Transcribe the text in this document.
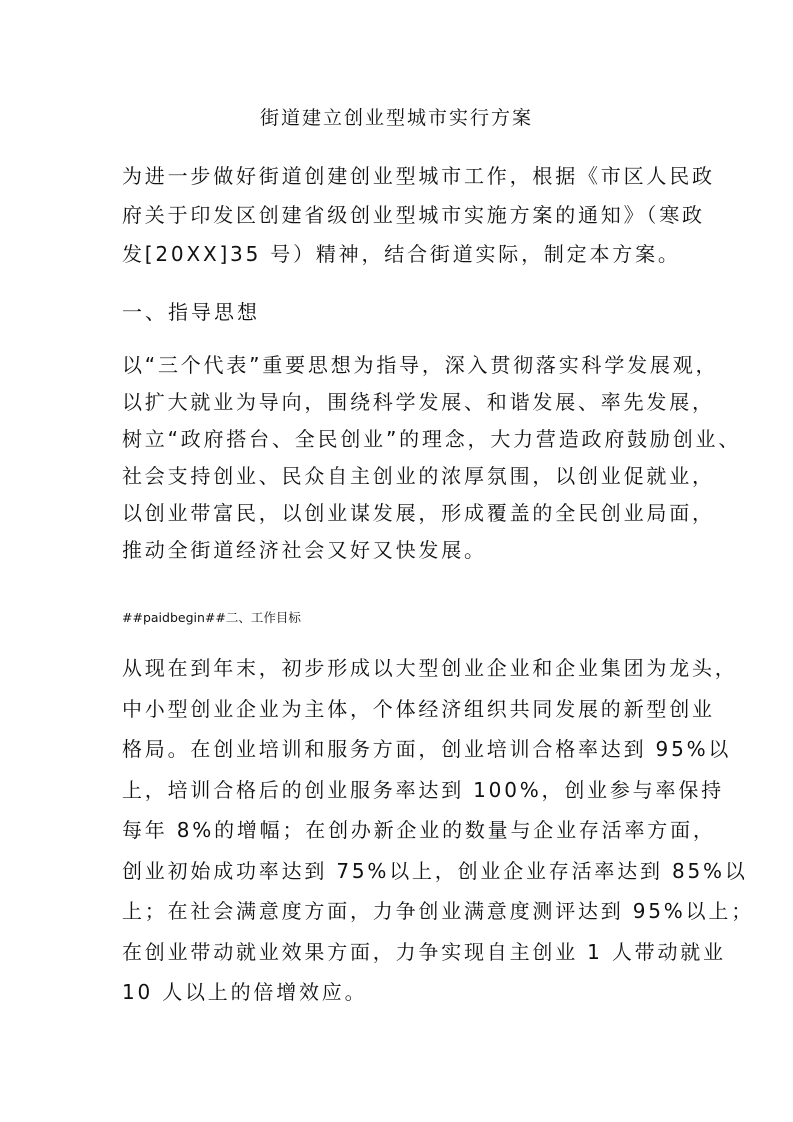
街道建立创业型城市实行方案
为进一步做好街道创建创业型城市工作，根据《市区人民政
府关于印发区创建省级创业型城市实施方案的通知》（寒政
发[20XX]35 号）精神，结合街道实际，制定本方案。
一、指导思想
以“三个代表”重要思想为指导，深入贯彻落实科学发展观，
以扩大就业为导向，围绕科学发展、和谐发展、率先发展，
树立“政府搭台、全民创业”的理念，大力营造政府鼓励创业、
社会支持创业、民众自主创业的浓厚氛围，以创业促就业，
以创业带富民，以创业谋发展，形成覆盖的全民创业局面，
推动全街道经济社会又好又快发展。
##paidbegin##二、工作目标
从现在到年末，初步形成以大型创业企业和企业集团为龙头，
中小型创业企业为主体，个体经济组织共同发展的新型创业
格局。在创业培训和服务方面，创业培训合格率达到 95%以
上，培训合格后的创业服务率达到 100%，创业参与率保持
每年 8%的增幅；在创办新企业的数量与企业存活率方面，
创业初始成功率达到 75%以上，创业企业存活率达到 85%以
上；在社会满意度方面，力争创业满意度测评达到 95%以上；
在创业带动就业效果方面，力争实现自主创业 1 人带动就业
10 人以上的倍增效应。
